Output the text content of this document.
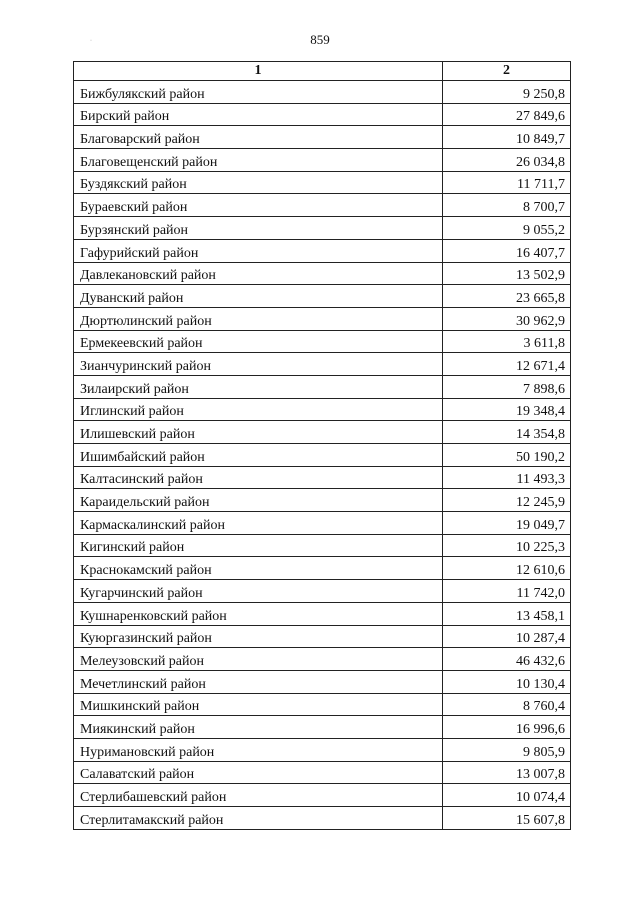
859
·
1	2
Бижбулякский район	9 250,8
Бирский район	27 849,6
Благоварский район	10 849,7
Благовещенский район	26 034,8
Буздякский район	11 711,7
Бураевский район	8 700,7
Бурзянский район	9 055,2
Гафурийский район	16 407,7
Давлекановский район	13 502,9
Дуванский район	23 665,8
Дюртюлинский район	30 962,9
Ермекеевский район	3 611,8
Зианчуринский район	12 671,4
Зилаирский район	7 898,6
Иглинский район	19 348,4
Илишевский район	14 354,8
Ишимбайский район	50 190,2
Калтасинский район	11 493,3
Караидельский район	12 245,9
Кармаскалинский район	19 049,7
Кигинский район	10 225,3
Краснокамский район	12 610,6
Кугарчинский район	11 742,0
Кушнаренковский район	13 458,1
Куюргазинский район	10 287,4
Мелеузовский район	46 432,6
Мечетлинский район	10 130,4
Мишкинский район	8 760,4
Миякинский район	16 996,6
Нуримановский район	9 805,9
Салаватский район	13 007,8
Стерлибашевский район	10 074,4
Стерлитамакский район	15 607,8
